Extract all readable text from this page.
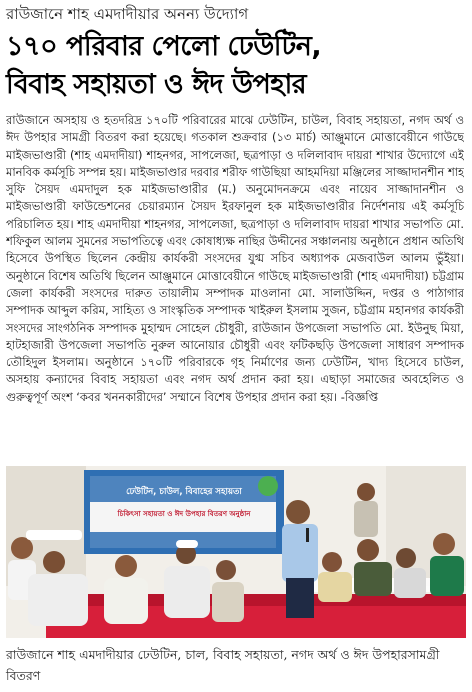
রাউজানে শাহ এমদাদীয়ার অনন্য উদ্যোগ
১৭০ পরিবার পেলো ঢেউটিন,
বিবাহ সহায়তা ও ঈদ উপহার
রাউজানে অসহায় ও হতদরিদ্র ১৭০টি পরিবারের মাঝে ঢেউটিন, চাউল, বিবাহ সহায়তা, নগদ অর্থ ও ঈদ উপহার সামগ্রী বিতরণ করা হয়েছে। গতকাল শুক্রবার (১৩ মার্চ) আঞ্জুমানে মোত্তাবেয়ীনে গাউছে মাইজভাণ্ডারী (শাহ এমদাদীয়া) শাহনগর, সাপলেজা, ছত্রপাড়া ও দলিলাবাদ দায়রা শাখার উদ্যোগে এই মানবিক কর্মসূচি সম্পন্ন হয়। মাইজভাণ্ডার দরবার শরীফ গাউছিয়া আহমদিয়া মঞ্জিলের সাজ্জাদানশীন শাহ সুফি সৈয়দ এমদাদুল হক মাইজভাণ্ডারীর (ম.) অনুমোদনক্রমে এবং নায়েব সাজ্জাদানশীন ও মাইজভাণ্ডারী ফাউন্ডেশনের চেয়ারম্যান সৈয়দ ইরফানুল হক মাইজভাণ্ডারীর নির্দেশনায় এই কর্মসূচি পরিচালিত হয়। শাহ এমদাদীয়া শাহনগর, সাপলেজা, ছত্রপাড়া ও দলিলাবাদ দায়রা শাখার সভাপতি মো. শফিকুল আলম সুমনের সভাপতিত্বে এবং কোষাধ্যক্ষ নাছির উদ্দীনের সঞ্চালনায় অনুষ্ঠানে প্রধান অতিথি হিসেবে উপস্থিত ছিলেন কেন্দ্রীয় কার্যকরী সংসদের যুগ্ম সচিব অধ্যাপক মেজবাউল আলম ভুঁইয়া। অনুষ্ঠানে বিশেষ অতিথি ছিলেন আঞ্জুমানে মোত্তাবেয়ীনে গাউছে মাইজভাণ্ডারী (শাহ এমদাদীয়া) চট্টগ্রাম জেলা কার্যকরী সংসদের দারুত তায়ালীম সম্পাদক মাওলানা মো. সালাউদ্দিন, দপ্তর ও পাঠাগার সম্পাদক আব্দুল করিম, সাহিত্য ও সাংস্কৃতিক সম্পাদক খাইরুল ইসলাম সুজন, চট্টগ্রাম মহানগর কার্যকরী সংসদের সাংগঠনিক সম্পাদক মুহাম্মদ সোহেল চৌধুরী, রাউজান উপজেলা সভাপতি মো. ইউনুছ মিয়া, হাটহাজারী উপজেলা সভাপতি নুরুল আনোয়ার চৌধুরী এবং ফটিকছড়ি উপজেলা সাধারণ সম্পাদক তৌহিদুল ইসলাম। অনুষ্ঠানে ১৭০টি পরিবারকে গৃহ নির্মাণের জন্য ঢেউটিন, খাদ্য হিসেবে চাউল, অসহায় কন্যাদের বিবাহ সহায়তা এবং নগদ অর্থ প্রদান করা হয়। এছাড়া সমাজের অবহেলিত ও গুরুত্বপূর্ণ অংশ ‘কবর খননকারীদের’ সম্মানে বিশেষ উপহার প্রদান করা হয়। -বিজ্ঞপ্তি
ঢেউটিন, চাউল, বিবাহের সহায়তা
চিকিৎসা সহায়তা ও ঈদ উপহার বিতরণ অনুষ্ঠান
রাউজানে শাহ এমদাদীয়ার ঢেউটিন, চাল, বিবাহ সহায়তা, নগদ অর্থ ও ঈদ উপহারসামগ্রী বিতরণ
